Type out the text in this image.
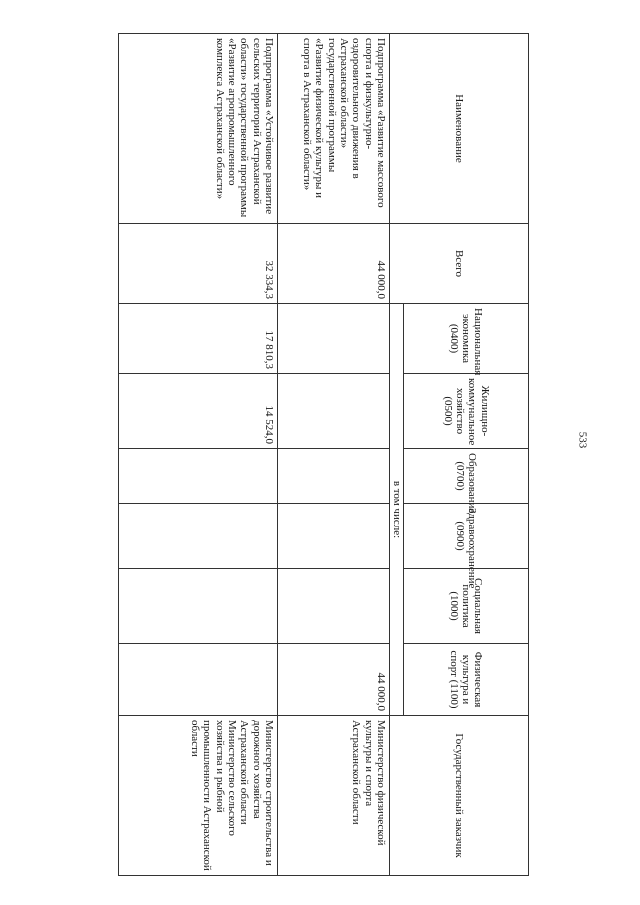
533
Наименование	Всего	Национальная экономика (0400)	Жилищно-коммунальное хозяйство (0500)	Образование (0700)	Здравоохранение (0900)	Социальная политика (1000)	Физическая культура и спорт (1100)	Государственный заказчик
		в том числе:						
Подпрограмма «Развитие массового спорта и физкультурно-оздоровительного движения в Астраханской области» государственной программы «Развитие физической культуры и спорта в Астраханской области»	44 000,0						44 000,0	Министерство физической культуры и спорта Астраханской области
Подпрограмма «Устойчивое развитие сельских территорий Астраханской области» государственной программы «Развитие агропромышленного комплекса Астраханской области»	32 334,3	17 810,3	14 524,0					Министерство строительства и дорожного хозяйства Астраханской области Министерство сельского хозяйства и рыбной промышленности Астраханской области
